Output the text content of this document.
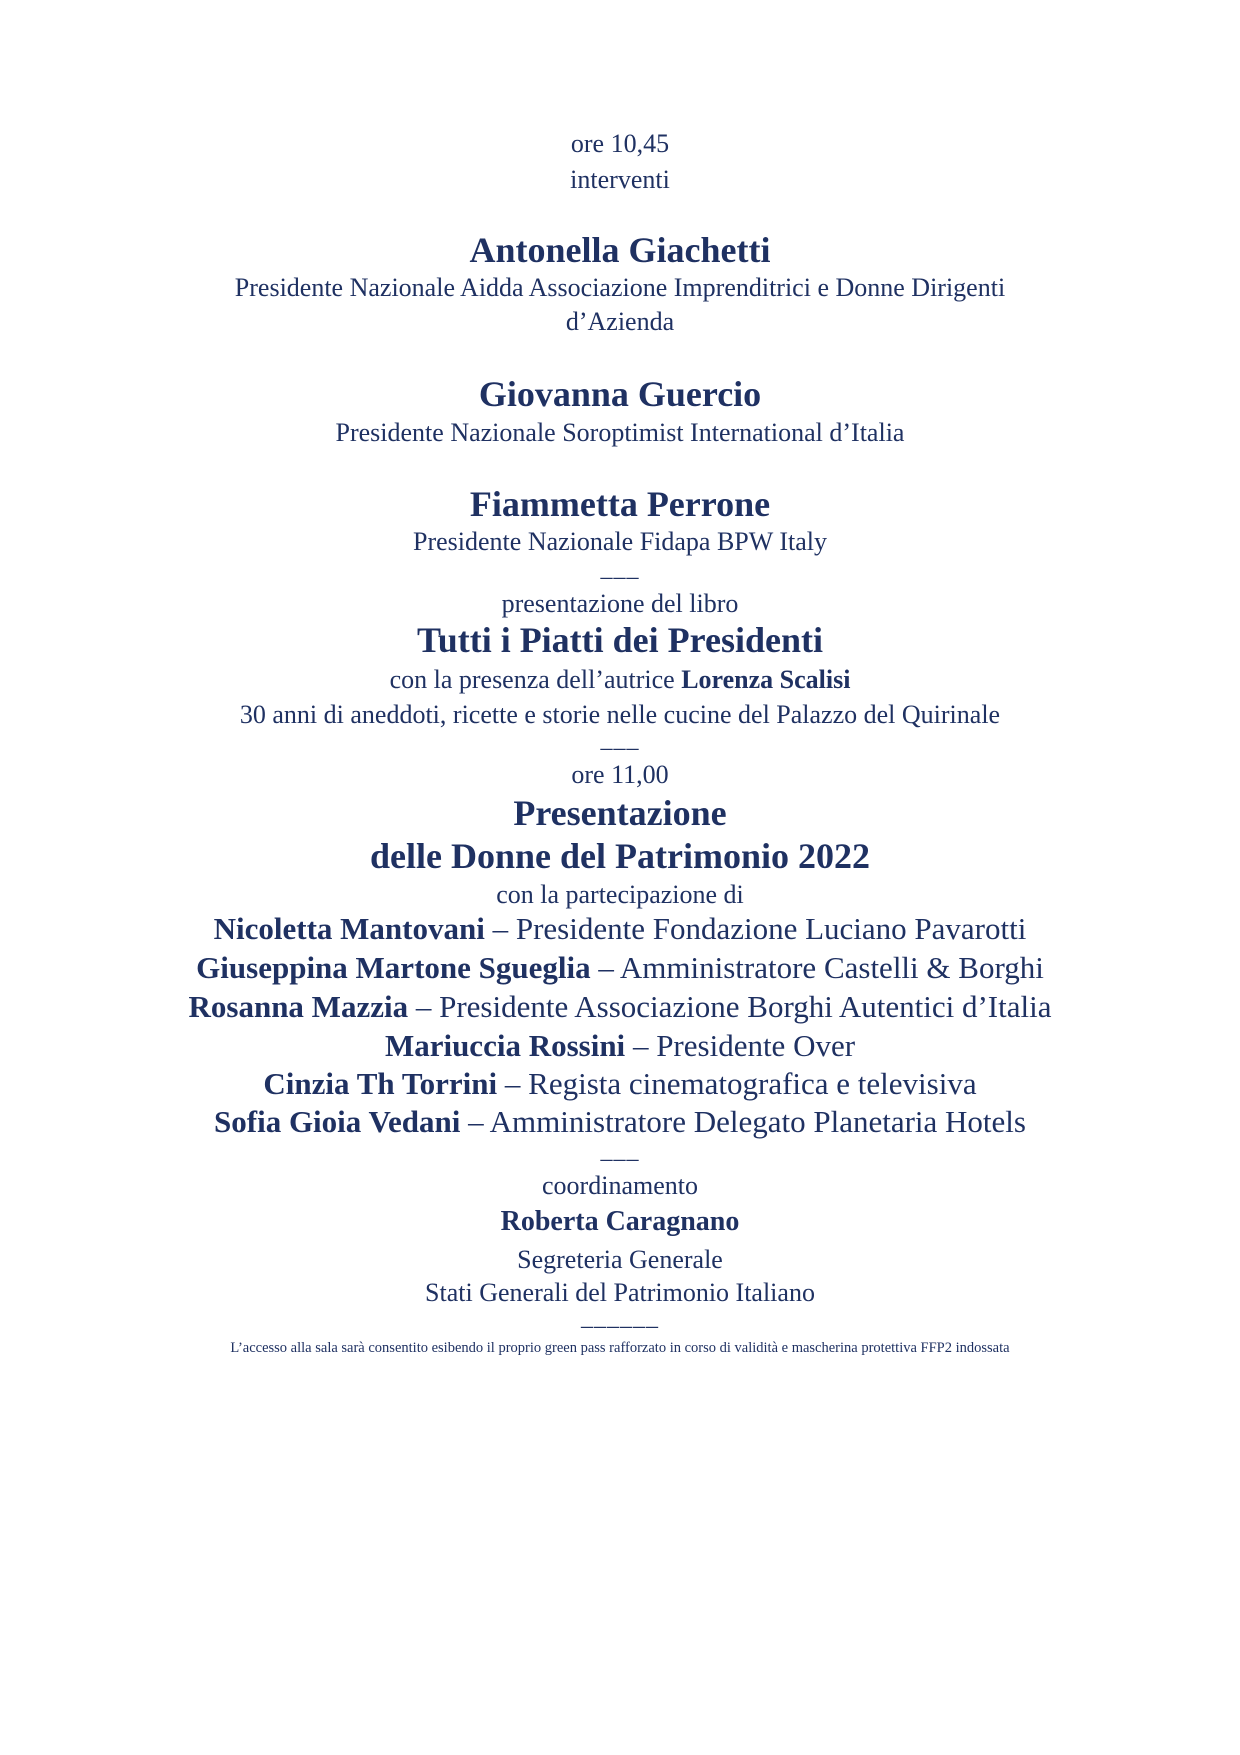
ore 10,45
interventi
Antonella Giachetti
Presidente Nazionale Aidda Associazione Imprenditrici e Donne Dirigenti
d’Azienda
Giovanna Guercio
Presidente Nazionale Soroptimist International d’Italia
Fiammetta Perrone
Presidente Nazionale Fidapa BPW Italy
___
presentazione del libro
Tutti i Piatti dei Presidenti
con la presenza dell’autrice Lorenza Scalisi
30 anni di aneddoti, ricette e storie nelle cucine del Palazzo del Quirinale
___
ore 11,00
Presentazione
delle Donne del Patrimonio 2022
con la partecipazione di
Nicoletta Mantovani – Presidente Fondazione Luciano Pavarotti
Giuseppina Martone Sgueglia – Amministratore Castelli & Borghi
Rosanna Mazzia – Presidente Associazione Borghi Autentici d’Italia
Mariuccia Rossini – Presidente Over
Cinzia Th Torrini – Regista cinematografica e televisiva
Sofia Gioia Vedani – Amministratore Delegato Planetaria Hotels
___
coordinamento
Roberta Caragnano
Segreteria Generale
Stati Generali del Patrimonio Italiano
______
L’accesso alla sala sarà consentito esibendo il proprio green pass rafforzato in corso di validità e mascherina protettiva FFP2 indossata
